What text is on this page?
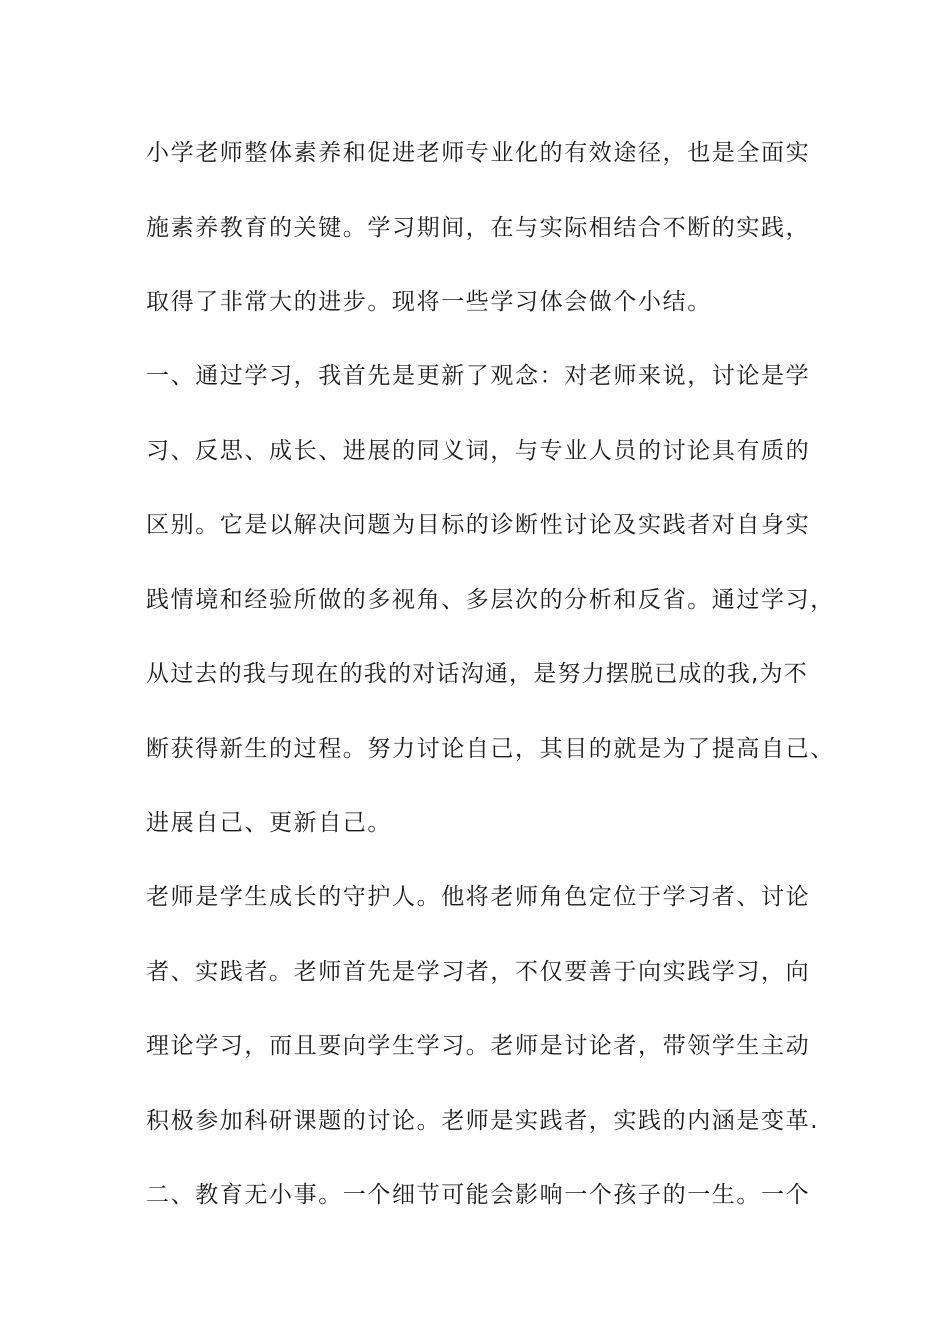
小学老师整体素养和促进老师专业化的有效途径，也是全面实
施素养教育的关键。学习期间，在与实际相结合不断的实践，
取得了非常大的进步。现将一些学习体会做个小结。
一、通过学习，我首先是更新了观念：对老师来说，讨论是学
习、反思、成长、进展的同义词，与专业人员的讨论具有质的
区别。它是以解决问题为目标的诊断性讨论及实践者对自身实
践情境和经验所做的多视角、多层次的分析和反省。通过学习，
从过去的我与现在的我的对话沟通，是努力摆脱已成的我,为不
断获得新生的过程。努力讨论自己，其目的就是为了提高自己、
进展自己、更新自己。
老师是学生成长的守护人。他将老师角色定位于学习者、讨论
者、实践者。老师首先是学习者，不仅要善于向实践学习，向
理论学习，而且要向学生学习。老师是讨论者，带领学生主动
积极参加科研课题的讨论。老师是实践者，实践的内涵是变革.
二、教育无小事。一个细节可能会影响一个孩子的一生。一个
